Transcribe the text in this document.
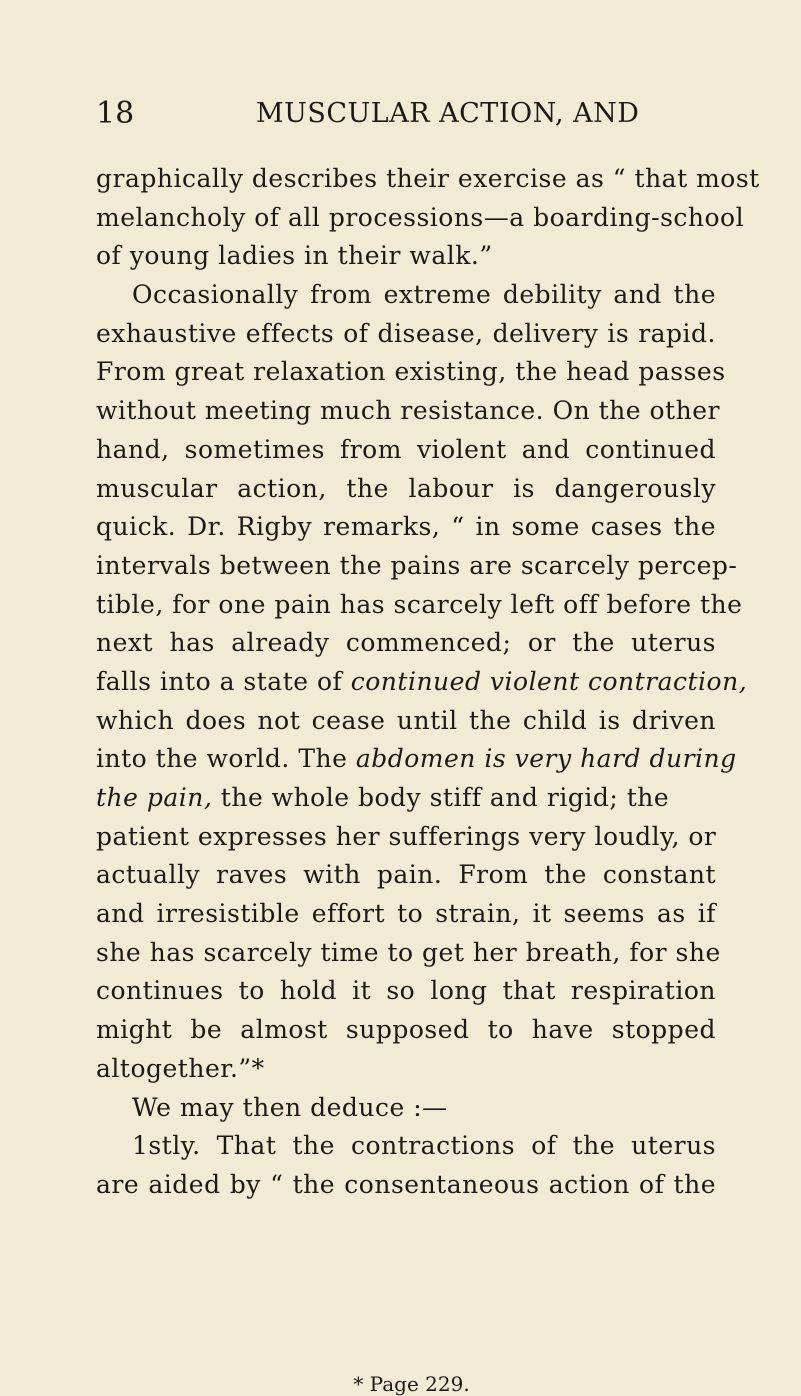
18	MUSCULAR ACTION, AND
graphically describes their exercise as “ that most
melancholy of all processions—a boarding-school
of young ladies in their walk.”
Occasionally from extreme debility and the
exhaustive effects of disease, delivery is rapid.
From great relaxation existing, the head passes
without meeting much resistance. On the other
hand, sometimes from violent and continued
muscular action, the labour is dangerously
quick. Dr. Rigby remarks, “ in some cases the
intervals between the pains are scarcely percep-
tible, for one pain has scarcely left off before the
next has already commenced; or the uterus
falls into a state of continued violent contraction,
which does not cease until the child is driven
into the world. The abdomen is very hard during
the pain, the whole body stiff and rigid; the
patient expresses her sufferings very loudly, or
actually raves with pain. From the constant
and irresistible effort to strain, it seems as if
she has scarcely time to get her breath, for she
continues to hold it so long that respiration
might be almost supposed to have stopped
altogether.”*
We may then deduce :—
1stly. That the contractions of the uterus
are aided by “ the consentaneous action of the
* Page 229.
